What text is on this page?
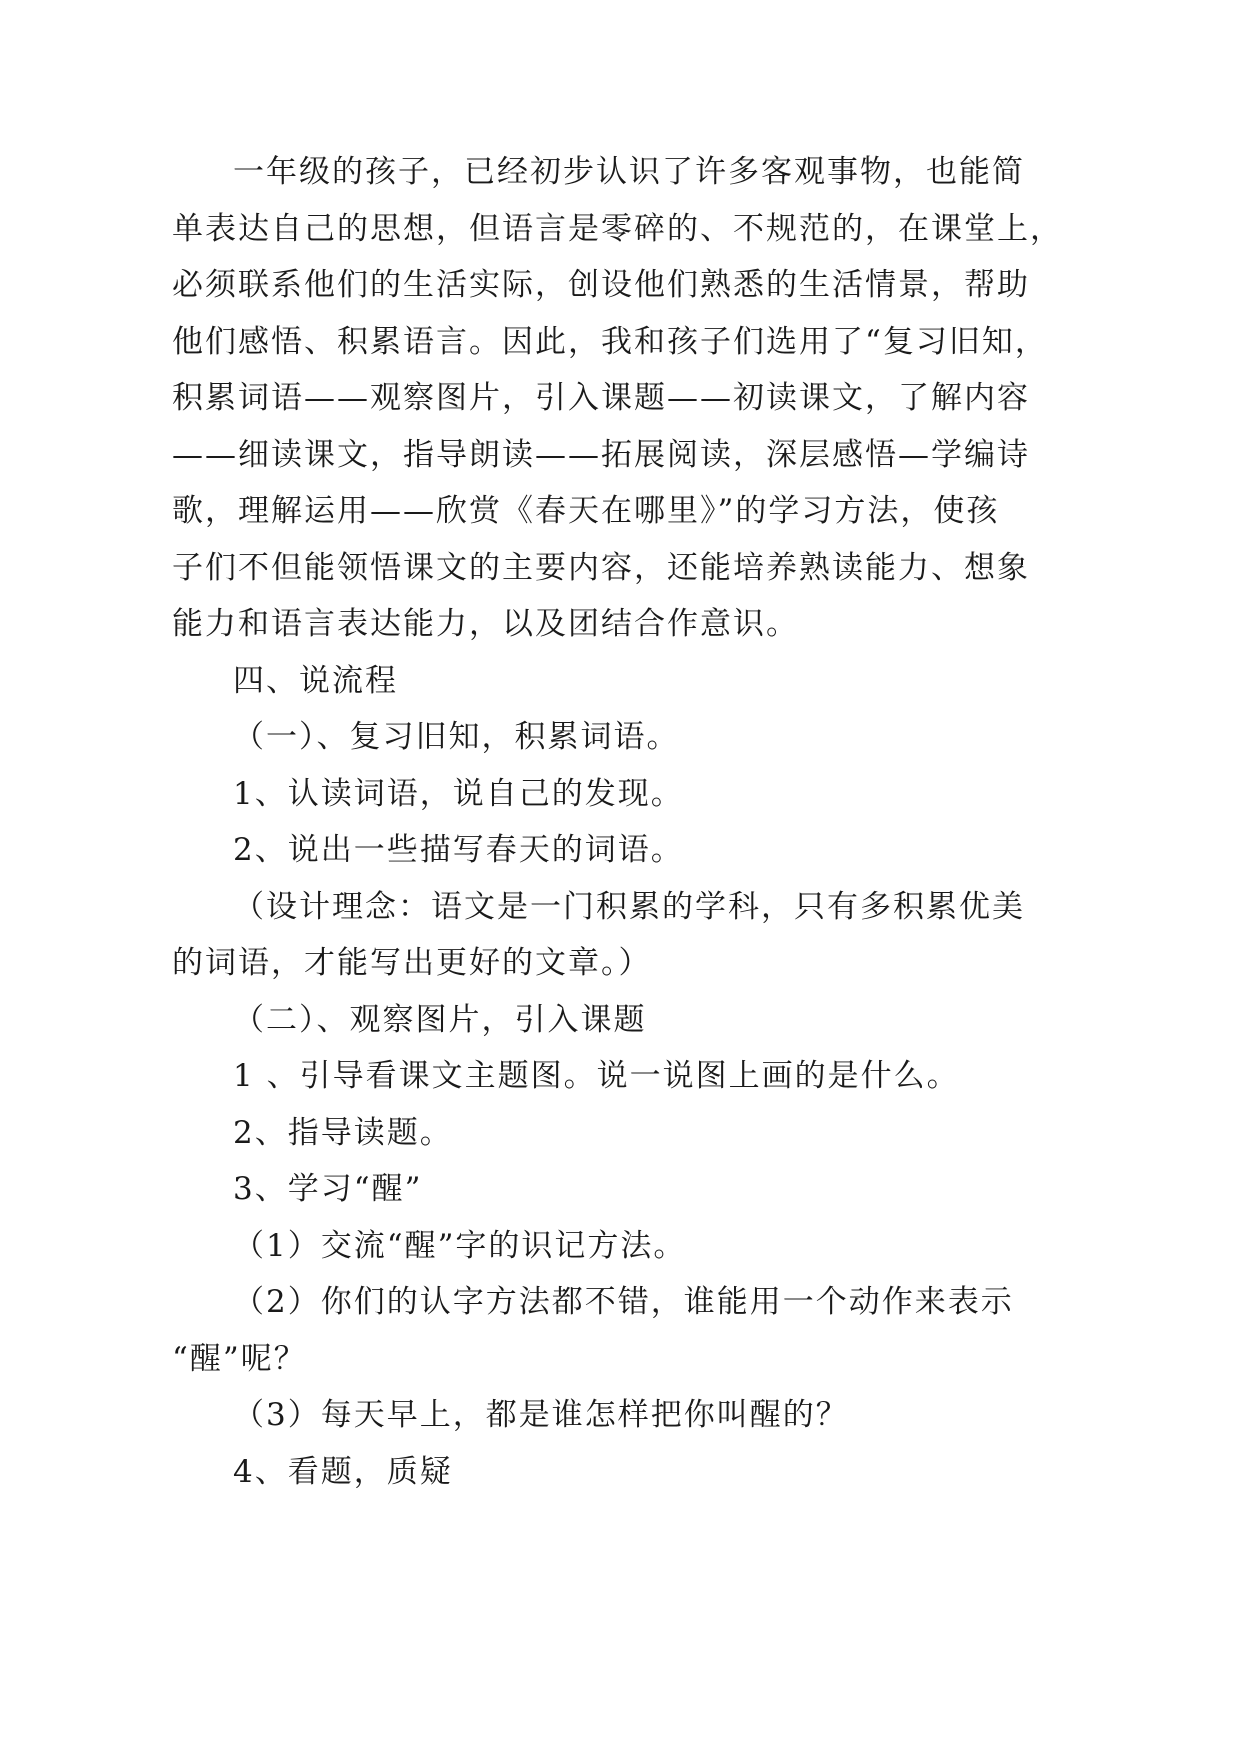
一年级的孩子，已经初步认识了许多客观事物，也能简
单表达自己的思想，但语言是零碎的、不规范的，在课堂上，
必须联系他们的生活实际，创设他们熟悉的生活情景，帮助
他们感悟、积累语言。因此，我和孩子们选用了“复习旧知，
积累词语——观察图片，引入课题——初读课文，了解内容
——细读课文，指导朗读——拓展阅读，深层感悟—学编诗
歌，理解运用——欣赏《春天在哪里》”的学习方法，使孩
子们不但能领悟课文的主要内容，还能培养熟读能力、想象
能力和语言表达能力，以及团结合作意识。
四、说流程
（一）、复习旧知，积累词语。
1、认读词语，说自己的发现。
2、说出一些描写春天的词语。
（设计理念：语文是一门积累的学科，只有多积累优美
的词语，才能写出更好的文章。）
（二）、观察图片，引入课题
1 、引导看课文主题图。说一说图上画的是什么。
2、指导读题。
3、学习“醒”
（1）交流“醒”字的识记方法。
（2）你们的认字方法都不错，谁能用一个动作来表示
“醒”呢？
（3）每天早上，都是谁怎样把你叫醒的？
4、看题，质疑
